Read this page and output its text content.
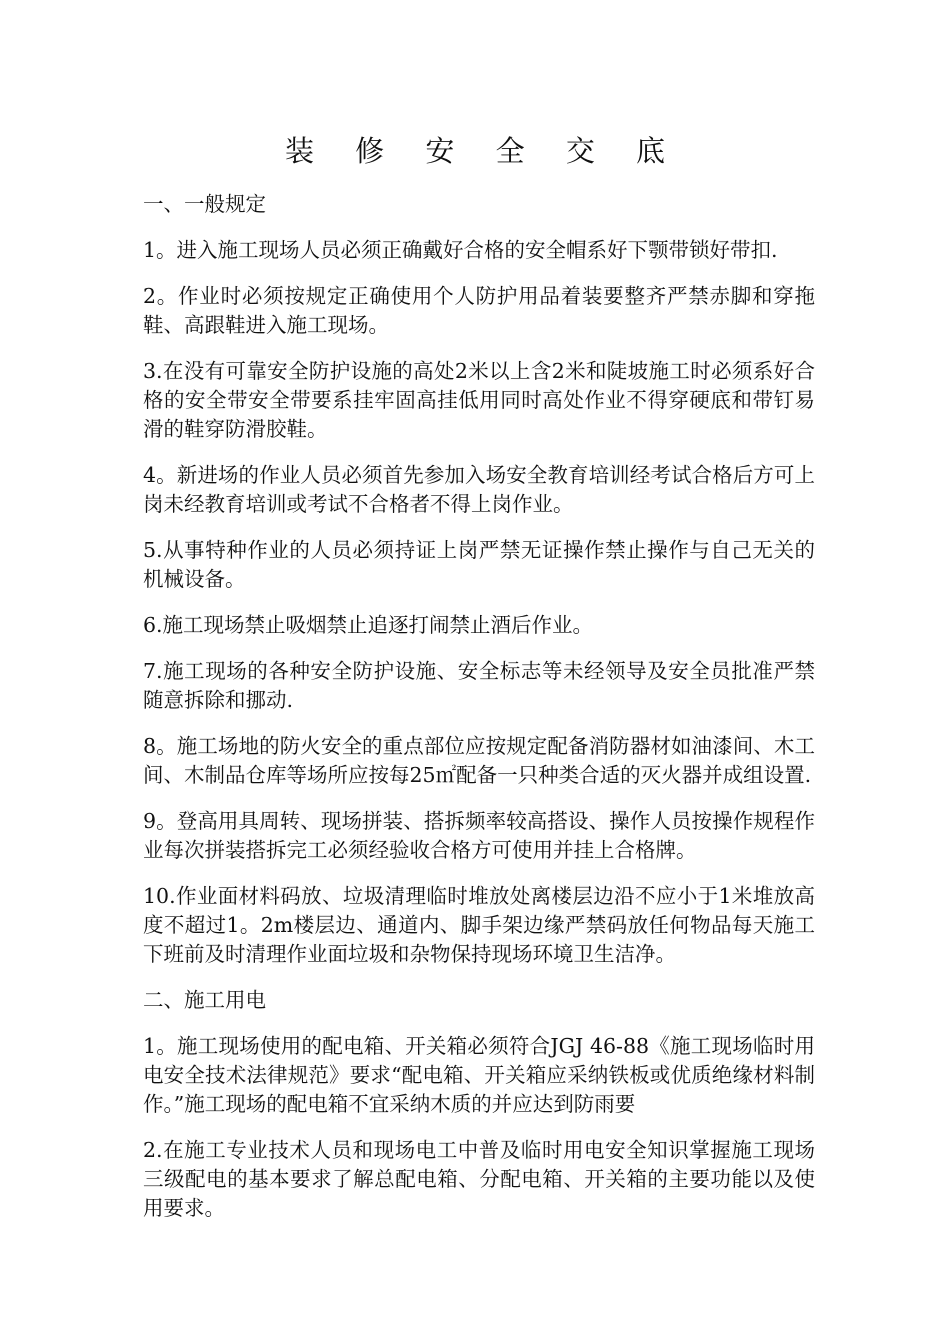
装 修 安 全 交 底

一、一般规定

1。进入施工现场人员必须正确戴好合格的安全帽系好下颚带锁好带扣.

2。作业时必须按规定正确使用个人防护用品着装要整齐严禁赤脚和穿拖鞋、高跟鞋进入施工现场。

3.在没有可靠安全防护设施的高处2米以上含2米和陡坡施工时必须系好合格的安全带安全带要系挂牢固高挂低用同时高处作业不得穿硬底和带钉易滑的鞋穿防滑胶鞋。

4。新进场的作业人员必须首先参加入场安全教育培训经考试合格后方可上岗未经教育培训或考试不合格者不得上岗作业。

5.从事特种作业的人员必须持证上岗严禁无证操作禁止操作与自己无关的机械设备。

6.施工现场禁止吸烟禁止追逐打闹禁止酒后作业。

7.施工现场的各种安全防护设施、安全标志等未经领导及安全员批准严禁随意拆除和挪动.

8。施工场地的防火安全的重点部位应按规定配备消防器材如油漆间、木工间、木制品仓库等场所应按每25㎡配备一只种类合适的灭火器并成组设置.

9。登高用具周转、现场拼装、搭拆频率较高搭设、操作人员按操作规程作业每次拼装搭拆完工必须经验收合格方可使用并挂上合格牌。

10.作业面材料码放、垃圾清理临时堆放处离楼层边沿不应小于1米堆放高度不超过1。2m楼层边、通道内、脚手架边缘严禁码放任何物品每天施工下班前及时清理作业面垃圾和杂物保持现场环境卫生洁净。

二、施工用电

1。施工现场使用的配电箱、开关箱必须符合JGJ 46-88《施工现场临时用电安全技术法律规范》要求“配电箱、开关箱应采纳铁板或优质绝缘材料制作。”施工现场的配电箱不宜采纳木质的并应达到防雨要

2.在施工专业技术人员和现场电工中普及临时用电安全知识掌握施工现场三级配电的基本要求了解总配电箱、分配电箱、开关箱的主要功能以及使用要求。
